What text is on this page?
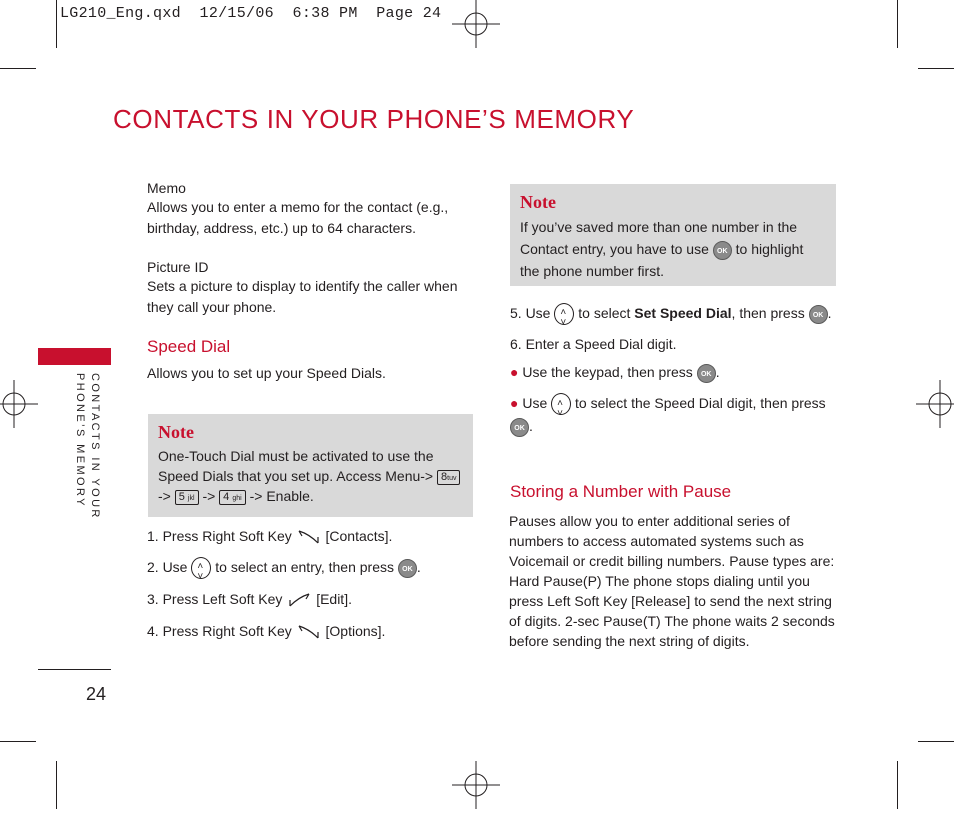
LG210_Eng.qxd  12/15/06  6:38 PM  Page 24
CONTACTS IN YOUR PHONE’S MEMORY
CONTACTS IN YOUR
PHONE’S MEMORY
24
Memo
Allows you to enter a memo for the contact (e.g., birthday, address, etc.) up to 64 characters.
Picture ID
Sets a picture to display to identify the caller when they call your phone.
Speed Dial
Allows you to set up your Speed Dials.
Note
One-Touch Dial must be activated to use the Speed Dials that you set up. Access Menu-> 8tuv
-> 5 jkl -> 4 ghi -> Enable.
1. Press Right Soft Key [Contacts].
2. Use ˄ ˅ to select an entry, then press OK .
3. Press Left Soft Key [Edit].
4. Press Right Soft Key [Options].
Note
If you’ve saved more than one number in the Contact entry, you have to use OK to highlight the phone number first.
5. Use ˄ ˅ to select Set Speed Dial, then press OK .
6. Enter a Speed Dial digit.
● Use the keypad, then press OK .
● Use ˄ ˅ to select the Speed Dial digit, then press OK .
Storing a Number with Pause
Pauses allow you to enter additional series of numbers to access automated systems such as Voicemail or credit billing numbers. Pause types are: Hard Pause(P) The phone stops dialing until you press Left Soft Key [Release] to send the next string of digits. 2-sec Pause(T) The phone waits 2 seconds before sending the next string of digits.
